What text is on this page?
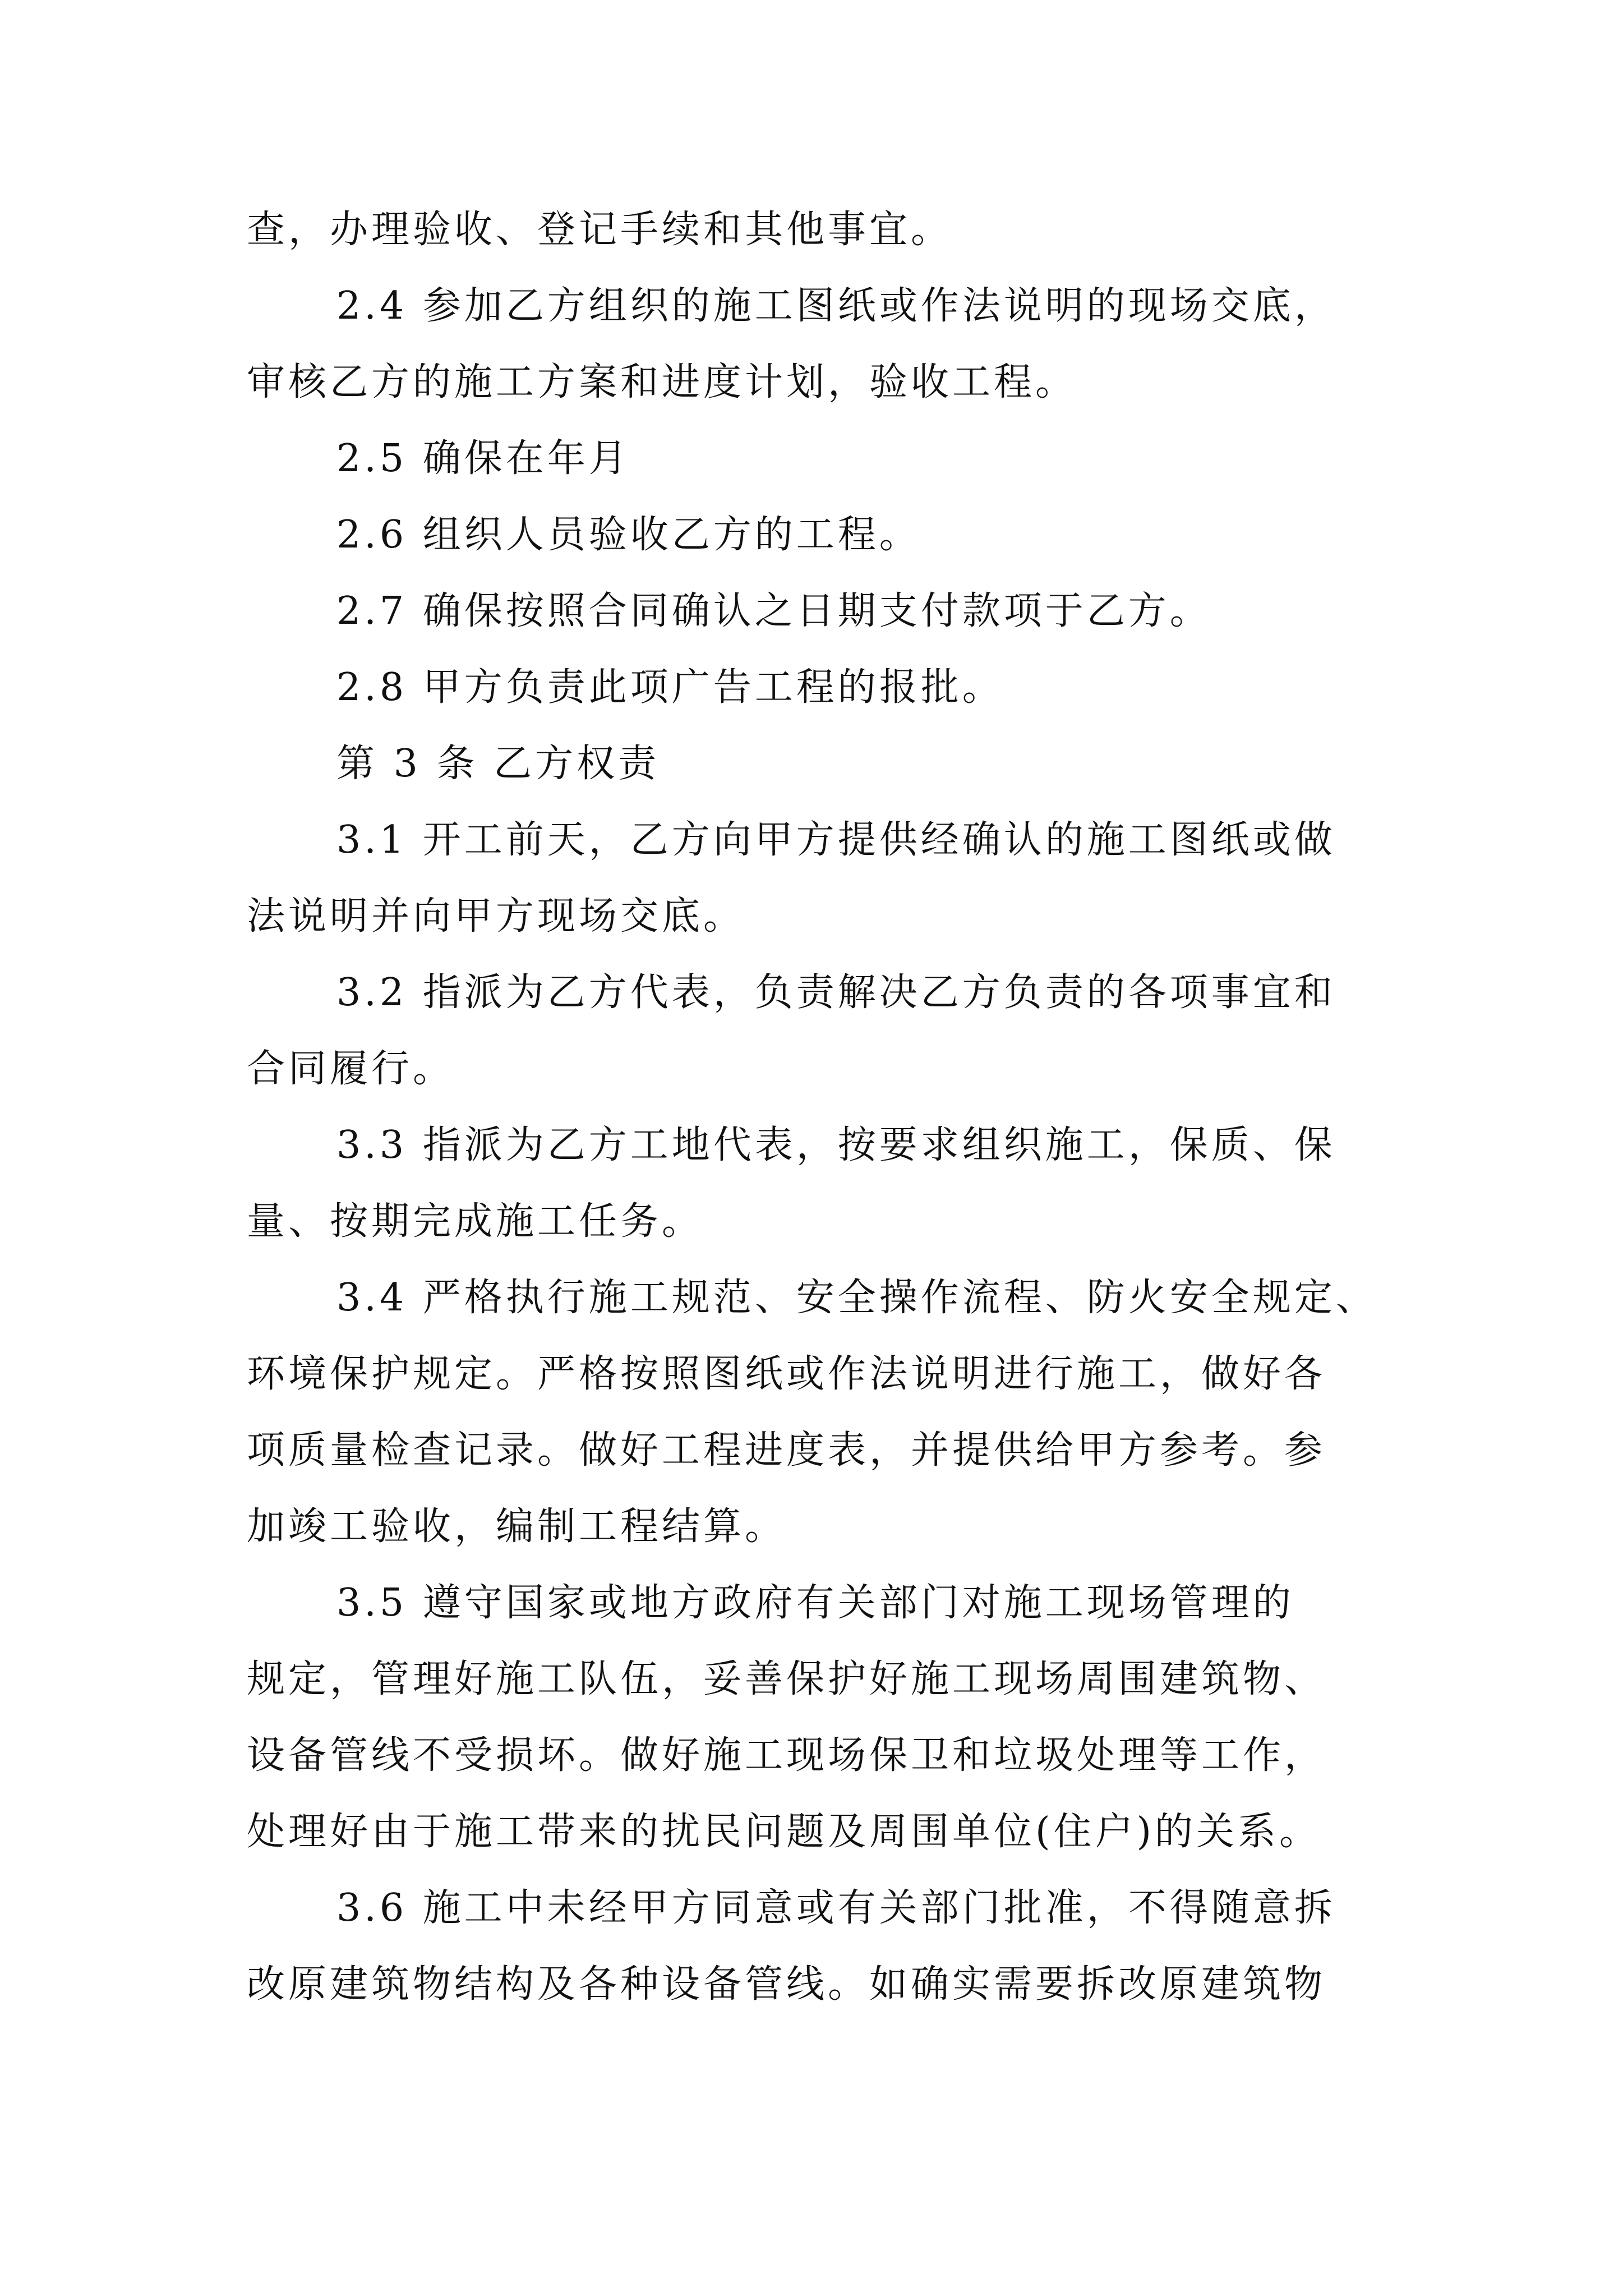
查，办理验收、登记手续和其他事宜。
2.4 参加乙方组织的施工图纸或作法说明的现场交底，
审核乙方的施工方案和进度计划，验收工程。
2.5 确保在年月
2.6 组织人员验收乙方的工程。
2.7 确保按照合同确认之日期支付款项于乙方。
2.8 甲方负责此项广告工程的报批。
第 3 条 乙方权责
3.1 开工前天，乙方向甲方提供经确认的施工图纸或做
法说明并向甲方现场交底。
3.2 指派为乙方代表，负责解决乙方负责的各项事宜和
合同履行。
3.3 指派为乙方工地代表，按要求组织施工，保质、保
量、按期完成施工任务。
3.4 严格执行施工规范、安全操作流程、防火安全规定、
环境保护规定。严格按照图纸或作法说明进行施工，做好各
项质量检查记录。做好工程进度表，并提供给甲方参考。参
加竣工验收，编制工程结算。
3.5 遵守国家或地方政府有关部门对施工现场管理的
规定，管理好施工队伍，妥善保护好施工现场周围建筑物、
设备管线不受损坏。做好施工现场保卫和垃圾处理等工作，
处理好由于施工带来的扰民问题及周围单位(住户)的关系。
3.6 施工中未经甲方同意或有关部门批准，不得随意拆
改原建筑物结构及各种设备管线。如确实需要拆改原建筑物
